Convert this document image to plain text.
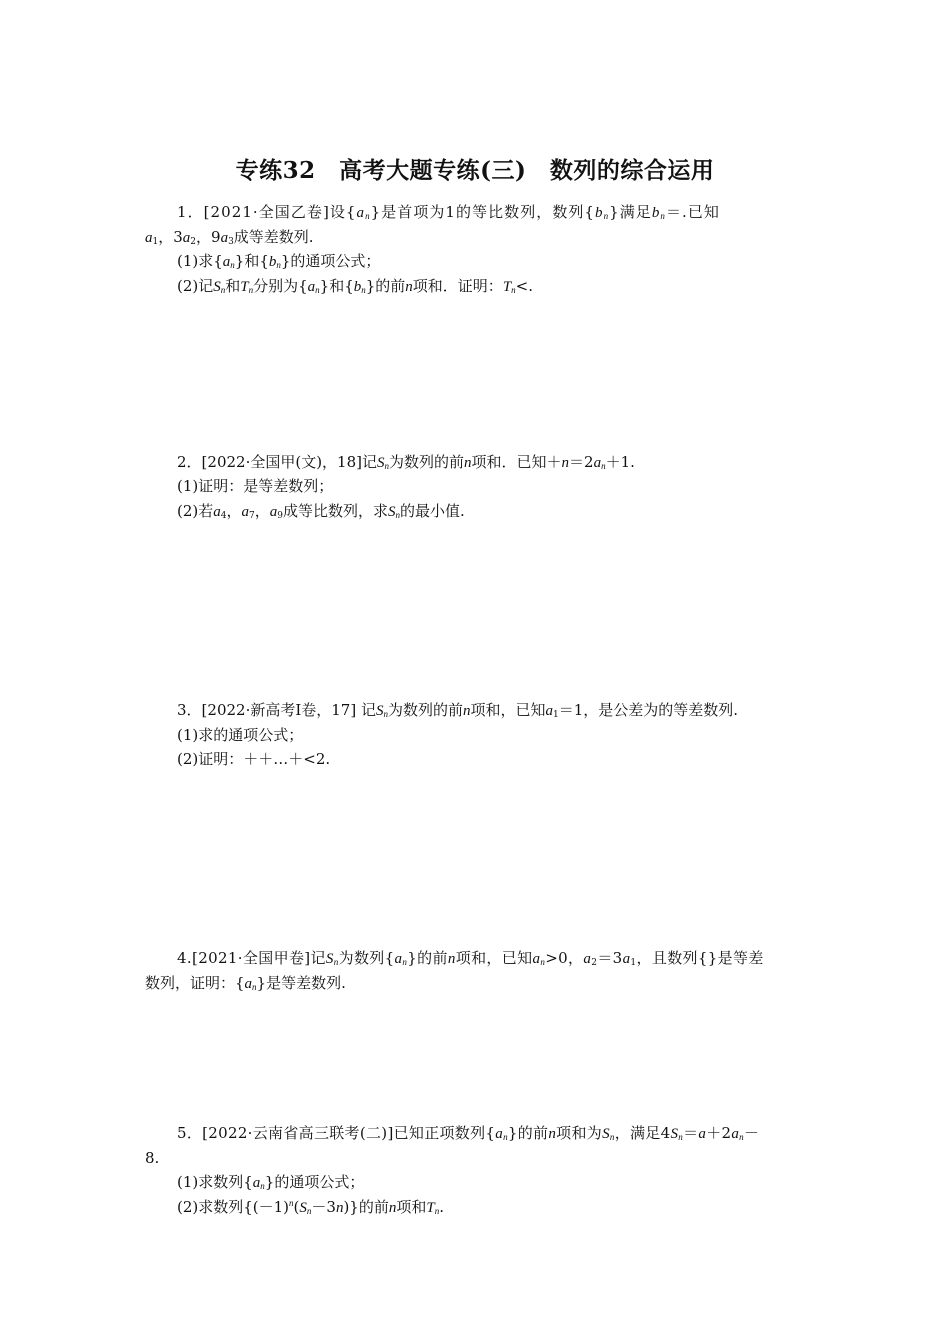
专练32　高考大题专练(三)　数列的综合运用
1．[2021·全国乙卷]设$\{a_n\}$是首项为1的等比数列，数列$\{b_n\}$满足$b_n=$.已知
$a_1$，$3a_2$，$9a_3$成等差数列.
(1)求$\{a_n\}$和$\{b_n\}$的通项公式；
(2)记$S_n$和$T_n$分别为$\{a_n\}$和$\{b_n\}$的前n项和．证明：$T_n<$.
2．[2022·全国甲(文)，18]记$S_n$为数列的前n项和．已知$+n=2a_n+1$.
(1)证明：是等差数列；
(2)若$a_4$，$a_7$，$a_9$成等比数列，求$S_n$的最小值.
3．[2022·新高考Ⅰ卷，17] 记$S_n$为数列的前n项和，已知$a_1=1$，是公差为的等差数列.
(1)求的通项公式；
(2)证明：＋＋…＋<2.
4.[2021·全国甲卷]记$S_n$为数列$\{a_n\}$的前n项和，已知$a_n>0$，$a_2=3a_1$，且数列{}是等差
数列，证明：$\{a_n\}$是等差数列.
5．[2022·云南省高三联考(二)]已知正项数列$\{a_n\}$的前n项和为$S_n$，满足$4S_n=a+2a_n-$
8.
(1)求数列$\{a_n\}$的通项公式；
(2)求数列$\{(-1)^n(S_n-3n)\}$的前n项和$T_n$.
